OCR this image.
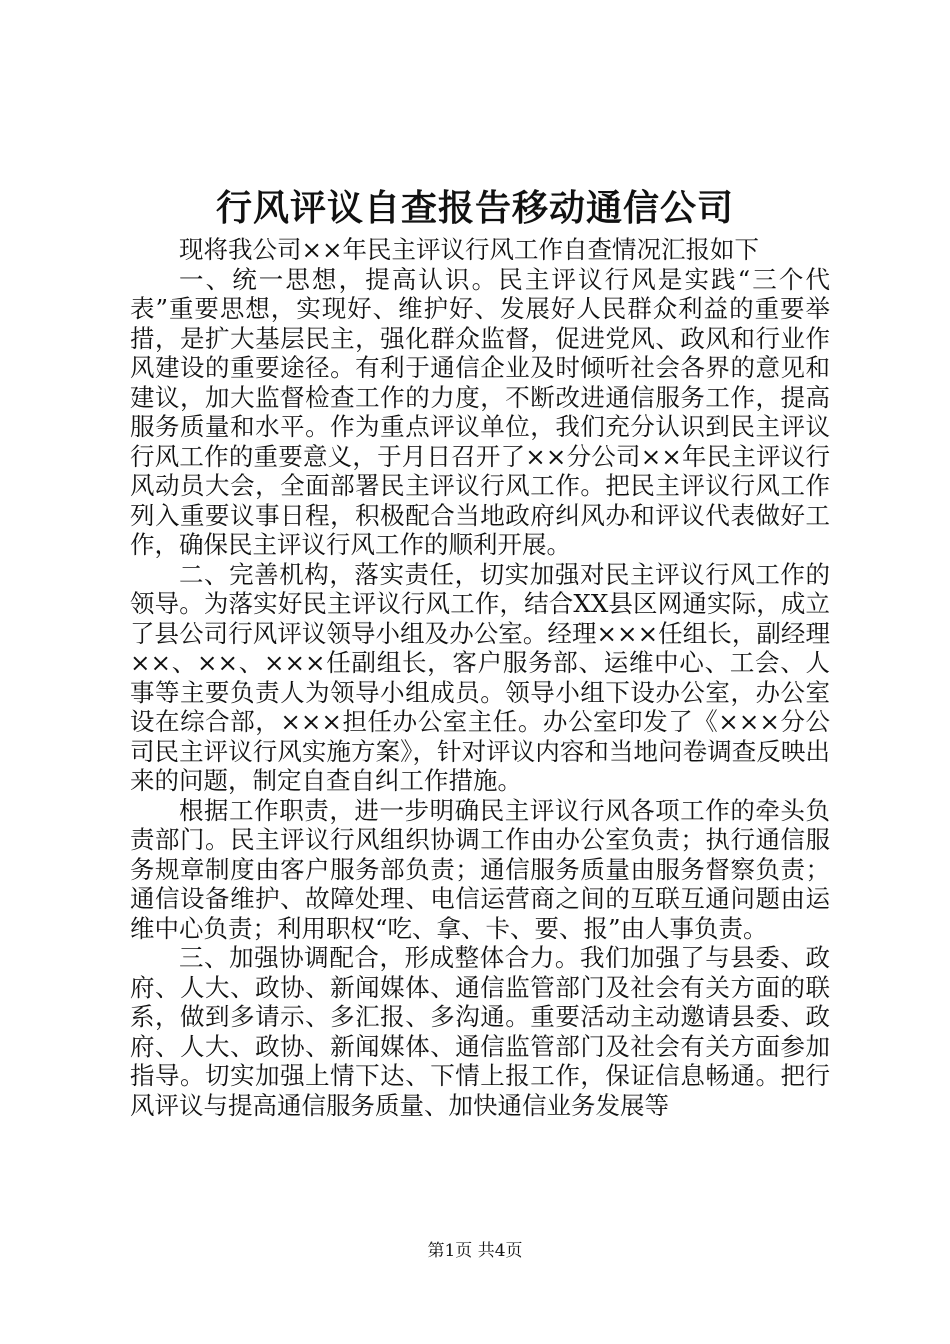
行风评议自查报告移动通信公司

现将我公司××年民主评议行风工作自查情况汇报如下

一、统一思想，提高认识。民主评议行风是实践“三个代表”重要思想，实现好、维护好、发展好人民群众利益的重要举措，是扩大基层民主，强化群众监督，促进党风、政风和行业作风建设的重要途径。有利于通信企业及时倾听社会各界的意见和建议，加大监督检查工作的力度，不断改进通信服务工作，提高服务质量和水平。作为重点评议单位，我们充分认识到民主评议行风工作的重要意义，于月日召开了××分公司××年民主评议行风动员大会，全面部署民主评议行风工作。把民主评议行风工作列入重要议事日程，积极配合当地政府纠风办和评议代表做好工作，确保民主评议行风工作的顺利开展。

二、完善机构，落实责任，切实加强对民主评议行风工作的领导。为落实好民主评议行风工作，结合XX县区网通实际，成立了县公司行风评议领导小组及办公室。经理×××任组长，副经理××、××、×××任副组长，客户服务部、运维中心、工会、人事等主要负责人为领导小组成员。领导小组下设办公室，办公室设在综合部，×××担任办公室主任。办公室印发了《×××分公司民主评议行风实施方案》，针对评议内容和当地问卷调查反映出来的问题，制定自查自纠工作措施。

根据工作职责，进一步明确民主评议行风各项工作的牵头负责部门。民主评议行风组织协调工作由办公室负责；执行通信服务规章制度由客户服务部负责；通信服务质量由服务督察负责；通信设备维护、故障处理、电信运营商之间的互联互通问题由运维中心负责；利用职权“吃、拿、卡、要、报”由人事负责。

三、加强协调配合，形成整体合力。我们加强了与县委、政府、人大、政协、新闻媒体、通信监管部门及社会有关方面的联系，做到多请示、多汇报、多沟通。重要活动主动邀请县委、政府、人大、政协、新闻媒体、通信监管部门及社会有关方面参加指导。切实加强上情下达、下情上报工作，保证信息畅通。把行风评议与提高通信服务质量、加快通信业务发展等

第1页 共4页
